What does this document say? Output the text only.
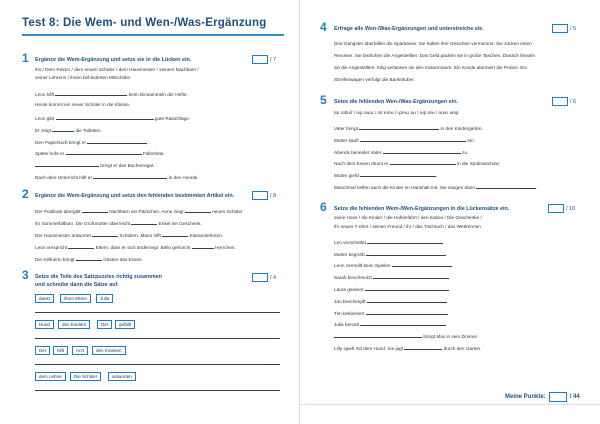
Test 8: Die Wem- und Wen-/Was-Ergänzung
1 Ergänze die Wem-Ergänzung und setze sie in die Lücken ein.	/ 7
ihn / Dem Rektor / dem neuen Schüler / dem Hausmeister / seinem Nachbarn /
seiner Lehrerin / ihnen behinderten Mitschüler
Leon hilft	beim Einsammeln der Hefte.
Heute kommt ein neuer Schüler in die Klasse.
Leon gibt	gute Ratschläge.
Er zeigt	die Toiletten.
Den Papierkorb bringt er	.
Später leiht er	Füllertinte.
bringt er das Bücherregal.
Nach dem Unterricht hilft er	in den Anorak.
2 Ergänze die Wem-Ergänzung und setze den fehlenden bestimmten Artikel ein.	/ 8
Der Postbote übergibt	Nachbarn ein Päckchen. Anne zeigt	neuen Schüler
ihr Sommerbilbum. Die Großmutter überreicht	Enkel ein Geschenk.
Der Hausmeister antwortet	Schülern. Mario hilft	Klassenlehrerin.
Leon verspricht	Eltern, dass er sich ändernegt. Bello gehorcht	Herrchen.
Die Kellnerin bringt	Gästen das Essen.
3 Setze die Teile des Satzpuzzles richtig zusammen
und schreibe dann die Sätze auf.
/ 4
dankt	ihren Eltern	Julia
Hund	den Kindern	Der	gefällt
Der	hilft	Arzt	den Kranken
dem Lehrer	Die Schüler	antworten
4 Erfrage alle Wen-/Was-Ergänzungen und unterstreiche sie.	/ 5
Drei Gangster überfallen die Sparkasse. Sie halten ihre Gesichter vermummt. Sie zücken einen
Revolver. Sie bedrohen die Angestellten. Das Geld packen sie in große Taschen. Danach fesseln
sie die Angestellten. Eilig verlassen sie den Kassenraum. Ein Kunde alarmiert die Polizei. Ein
Streifenwagen verfolgt die Bankräuber.
5 Setze die fehlenden Wen-/Was-Ergänzungen ein.	/ 6
ɐp ɹǝʇʇuʎ \ ǝıp ǝuoɹ \ ıǝʇ ɐɹʇǝɹ \ ɥɔɐɯ ɹǝɹ \ ǝıp ɹʇǝɹ \ ǝuǝɹ ɹǝǝp
Vater bringt	in den Kindergarten.
Mutter kauft	ein.
Abends beneidet Vater	zu.
Nach dem Essen räumt er	in die Spülmaschine.
Mutter gießt	.
Manchmal helfen auch die Kinder im Haushalt mit. Sie saugen dann	.
6 Setze die fehlenden Wem-/Wen-Ergänzungen in die Lückensätze ein.	/ 10
seine Hose / die Kinder / die Hofeinfahrt / den Kakao / Die Geschenke /
ihr neues T-Shirt / seinen Freund / ihr / das Tischtuch / das Wettrennen
Leo verschüttet
Mutter begrüßt
Leon zermüllt beim Spielen
Sarah beschmutzt
Laura gewinnt
Jan beschimpft
Tim bekleckert
Julia bemalt
bringt Max in sein Zimmer.
Lilly spielt mit dem Hund. Sie jagt	durch den Garten.
Meine Punkte:	/ 44
